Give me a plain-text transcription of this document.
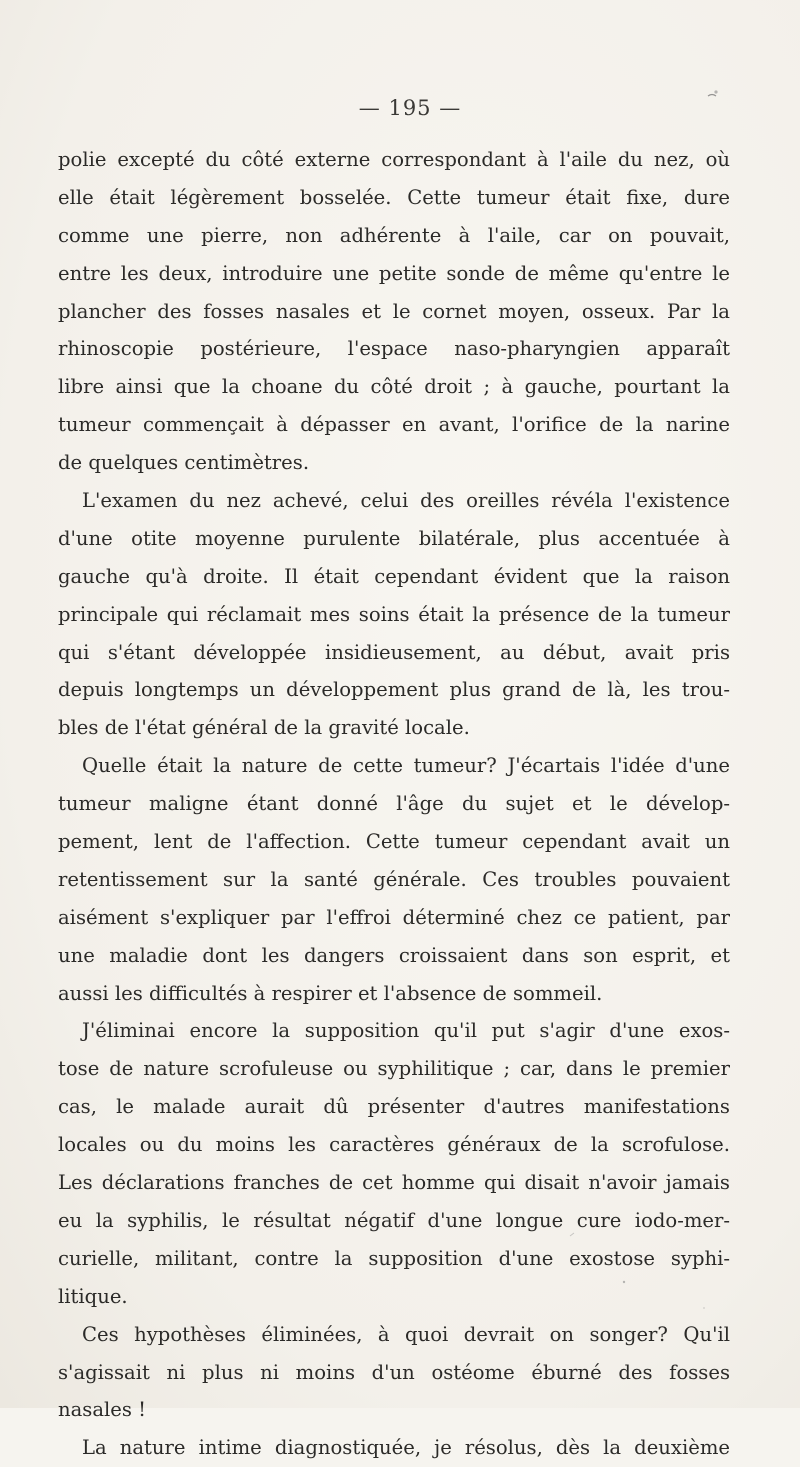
— 195 —
polie excepté du côté externe correspondant à l'aile du nez, où
elle était légèrement bosselée. Cette tumeur était fixe, dure
comme une pierre, non adhérente à l'aile, car on pouvait,
entre les deux, introduire une petite sonde de même qu'entre le
plancher des fosses nasales et le cornet moyen, osseux. Par la
rhinoscopie postérieure, l'espace naso-pharyngien apparaît
libre ainsi que la choane du côté droit ; à gauche, pourtant la
tumeur commençait à dépasser en avant, l'orifice de la narine
de quelques centimètres.
L'examen du nez achevé, celui des oreilles révéla l'existence
d'une otite moyenne purulente bilatérale, plus accentuée à
gauche qu'à droite. Il était cependant évident que la raison
principale qui réclamait mes soins était la présence de la tumeur
qui s'étant développée insidieusement, au début, avait pris
depuis longtemps un développement plus grand de là, les trou-
bles de l'état général de la gravité locale.
Quelle était la nature de cette tumeur? J'écartais l'idée d'une
tumeur maligne étant donné l'âge du sujet et le dévelop-
pement, lent de l'affection. Cette tumeur cependant avait un
retentissement sur la santé générale. Ces troubles pouvaient
aisément s'expliquer par l'effroi déterminé chez ce patient, par
une maladie dont les dangers croissaient dans son esprit, et
aussi les difficultés à respirer et l'absence de sommeil.
J'éliminai encore la supposition qu'il put s'agir d'une exos-
tose de nature scrofuleuse ou syphilitique ; car, dans le premier
cas, le malade aurait dû présenter d'autres manifestations
locales ou du moins les caractères généraux de la scrofulose.
Les déclarations franches de cet homme qui disait n'avoir jamais
eu la syphilis, le résultat négatif d'une longue cure iodo-mer-
curielle, militant, contre la supposition d'une exostose syphi-
litique.
Ces hypothèses éliminées, à quoi devrait on songer? Qu'il
s'agissait ni plus ni moins d'un ostéome éburné des fosses
nasales !
La nature intime diagnostiquée, je résolus, dès la deuxième
